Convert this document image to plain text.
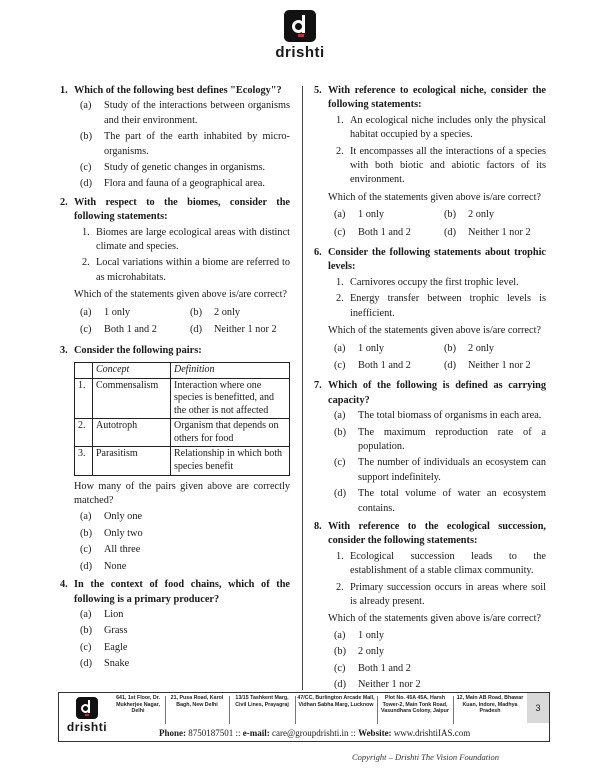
drishti
1. Which of the following best defines "Ecology"?
(a) Study of the interactions between organisms and their environment.
(b) The part of the earth inhabited by micro-organisms.
(c) Study of genetic changes in organisms.
(d) Flora and fauna of a geographical area.
2. With respect to the biomes, consider the following statements:
1. Biomes are large ecological areas with distinct climate and species.
2. Local variations within a biome are referred to as microhabitats.
Which of the statements given above is/are correct?
(a) 1 only	(b) 2 only
(c) Both 1 and 2	(d) Neither 1 nor 2
3. Consider the following pairs:
	Concept	Definition
1.	Commensalism	Interaction where one species is benefitted, and the other is not affected
2.	Autotroph	Organism that depends on others for food
3.	Parasitism	Relationship in which both species benefit
How many of the pairs given above are correctly matched?
(a) Only one
(b) Only two
(c) All three
(d) None
4. In the context of food chains, which of the following is a primary producer?
(a) Lion
(b) Grass
(c) Eagle
(d) Snake
5. With reference to ecological niche, consider the following statements:
1. An ecological niche includes only the physical habitat occupied by a species.
2. It encompasses all the interactions of a species with both biotic and abiotic factors of its environment.
Which of the statements given above is/are correct?
(a) 1 only	(b) 2 only
(c) Both 1 and 2	(d) Neither 1 nor 2
6. Consider the following statements about trophic levels:
1. Carnivores occupy the first trophic level.
2. Energy transfer between trophic levels is inefficient.
Which of the statements given above is/are correct?
(a) 1 only	(b) 2 only
(c) Both 1 and 2	(d) Neither 1 nor 2
7. Which of the following is defined as carrying capacity?
(a) The total biomass of organisms in each area.
(b) The maximum reproduction rate of a population.
(c) The number of individuals an ecosystem can support indefinitely.
(d) The total volume of water an ecosystem contains.
8. With reference to the ecological succession, consider the following statements:
1. Ecological succession leads to the establishment of a stable climax community.
2. Primary succession occurs in areas where soil is already present.
Which of the statements given above is/are correct?
(a) 1 only
(b) 2 only
(c) Both 1 and 2
(d) Neither 1 nor 2
drishti
641, 1st Floor, Dr. Mukherjee Nagar, Delhi
21, Pusa Road, Karol Bagh, New Delhi
13/15 Tashkent Marg, Civil Lines, Prayagraj
47/CC, Burlington Arcade Mall, Vidhan Sabha Marg, Lucknow
Plot No. 45A 45A, Harsh Tower-2, Main Tonk Road, Vasundhara Colony, Jaipur
12, Main AB Road, Bhawar Kuan, Indore, Madhya Pradesh	3
Phone: 8750187501 :: e-mail: care@groupdrishti.in :: Website: www.drishtiIAS.com
Copyright – Drishti The Vision Foundation
